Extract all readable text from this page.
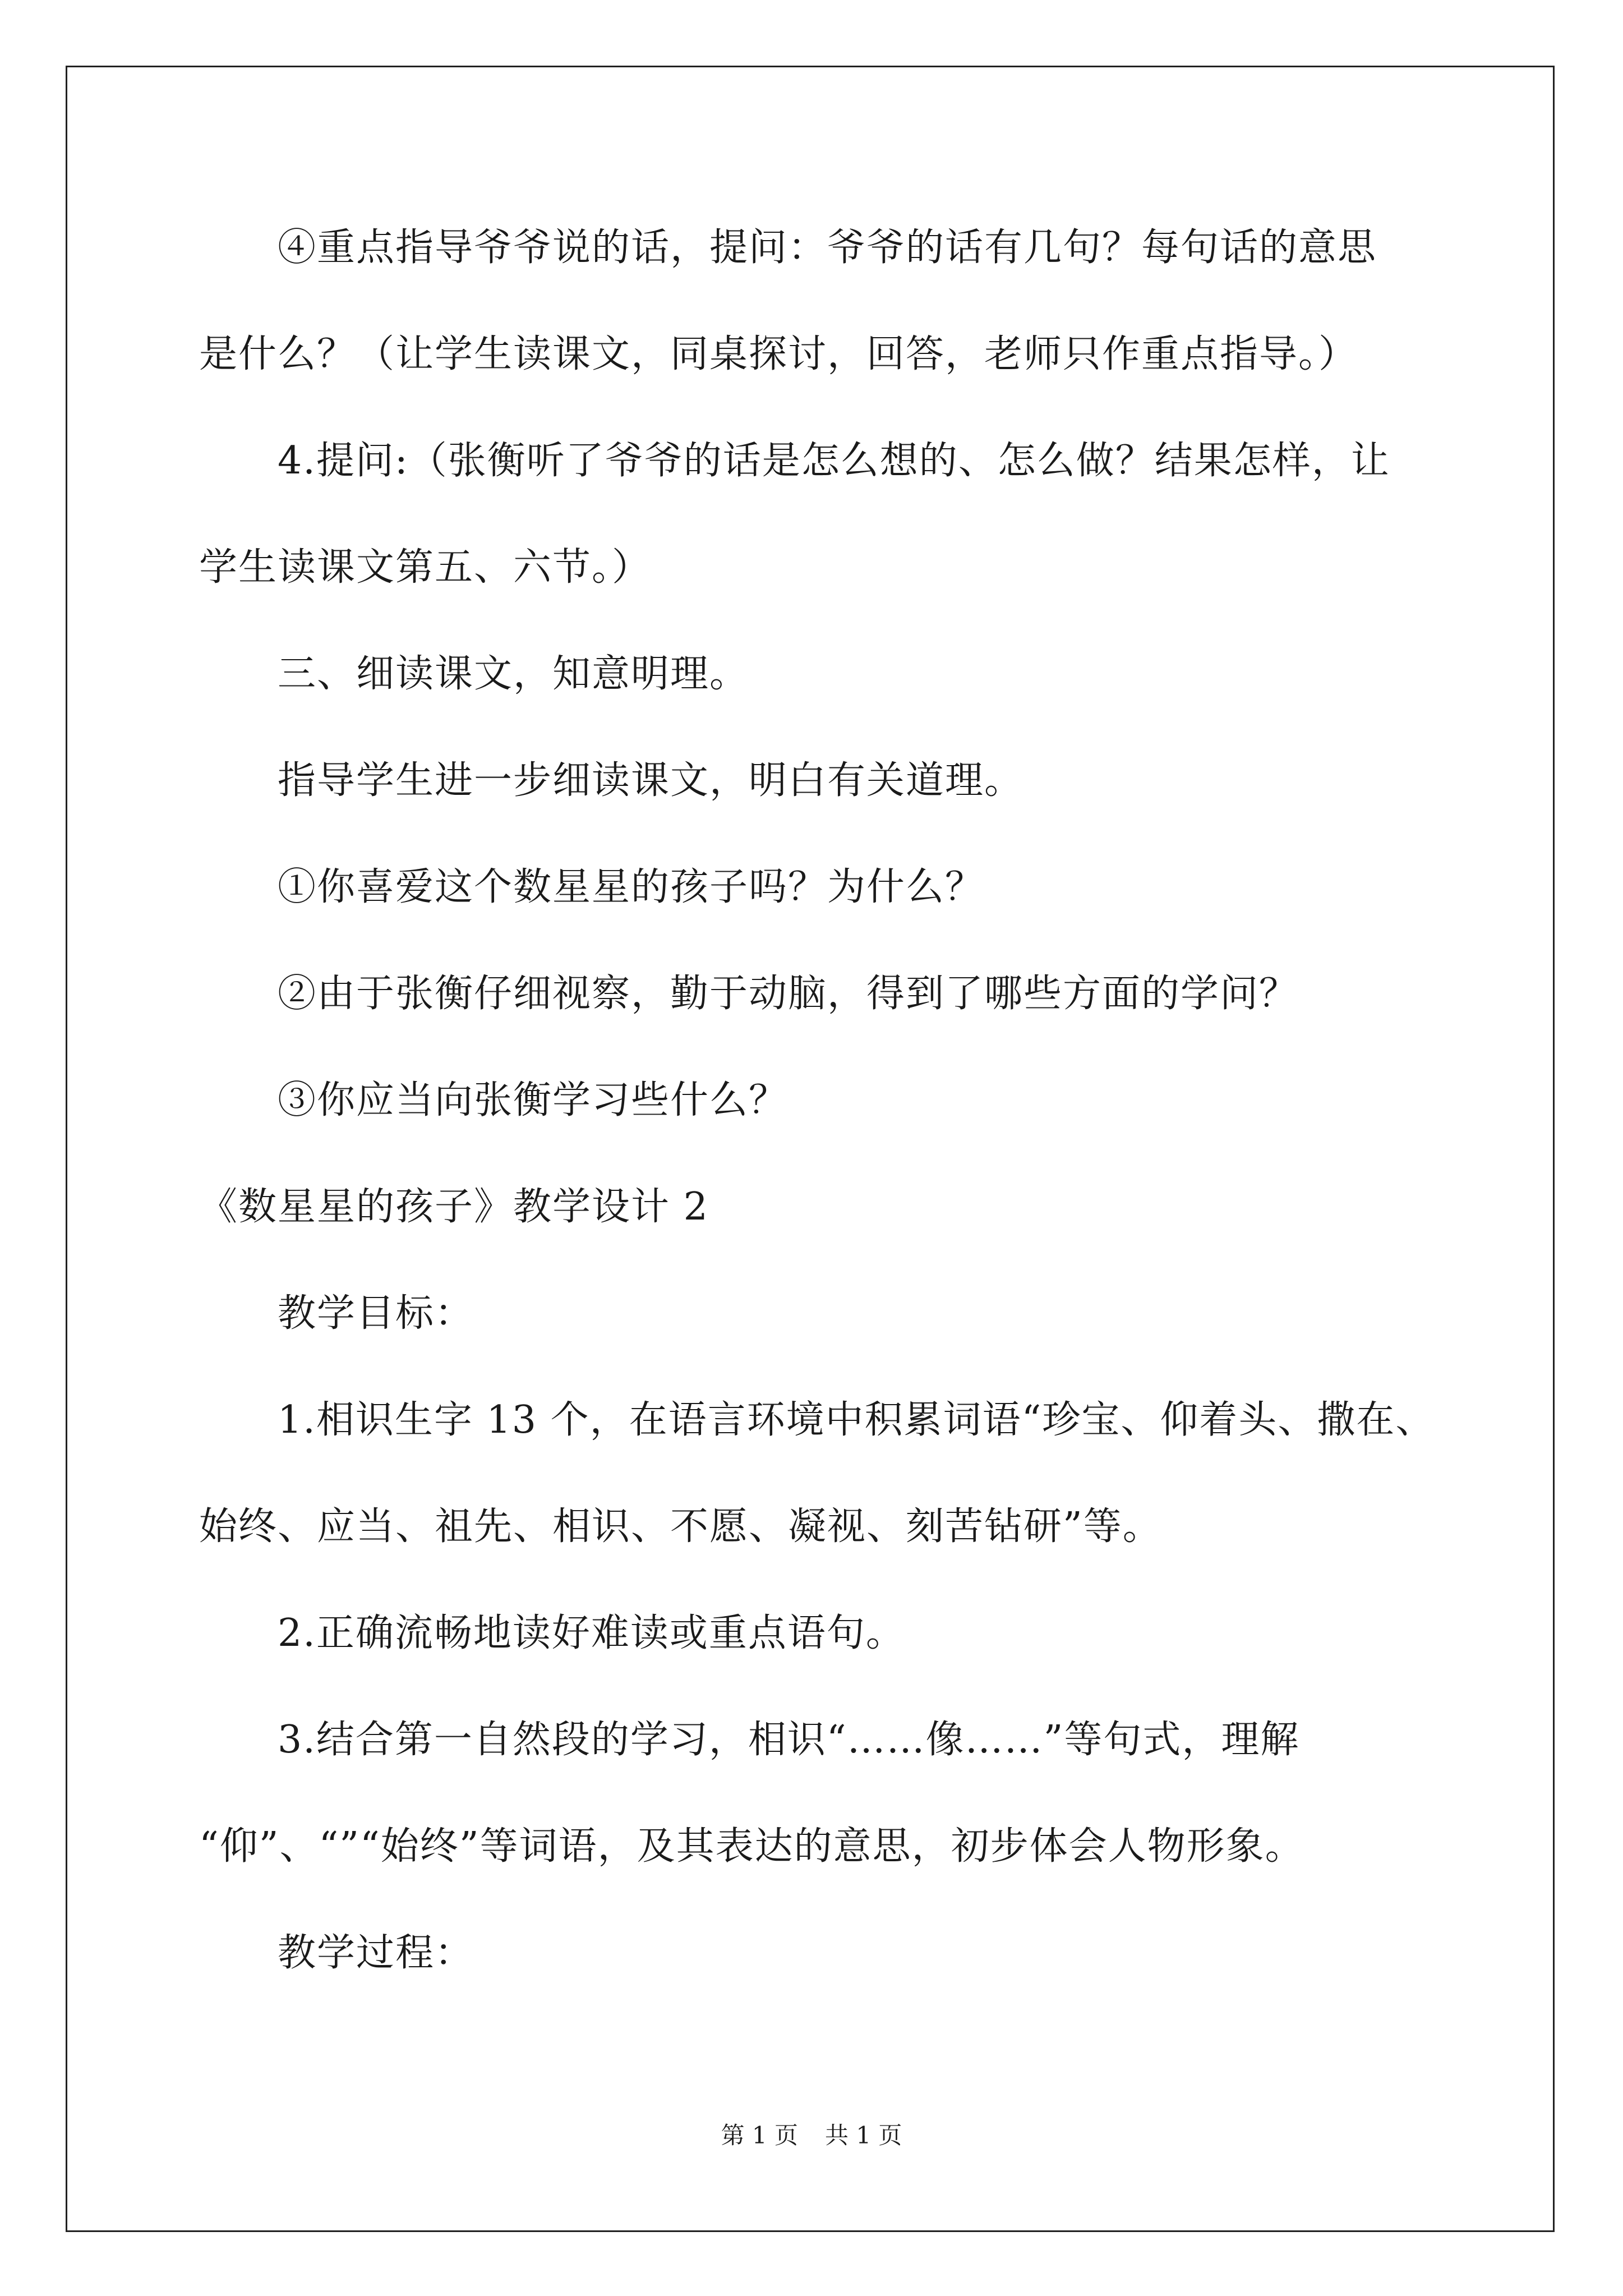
④重点指导爷爷说的话，提问：爷爷的话有几句？每句话的意思
是什么？（让学生读课文，同桌探讨，回答，老师只作重点指导。）
4.提问:（张衡听了爷爷的话是怎么想的、怎么做？结果怎样，让
学生读课文第五、六节。）
三、细读课文，知意明理。
指导学生进一步细读课文，明白有关道理。
①你喜爱这个数星星的孩子吗？为什么？
②由于张衡仔细视察，勤于动脑，得到了哪些方面的学问？
③你应当向张衡学习些什么？
《数星星的孩子》教学设计 2
教学目标：
1.相识生字 13 个，在语言环境中积累词语“珍宝、仰着头、撒在、
始终、应当、祖先、相识、不愿、凝视、刻苦钻研”等。
2.正确流畅地读好难读或重点语句。
3.结合第一自然段的学习，相识“……像……”等句式，理解
“仰”、“”“始终”等词语，及其表达的意思，初步体会人物形象。
教学过程：
第 1 页 共 1 页
